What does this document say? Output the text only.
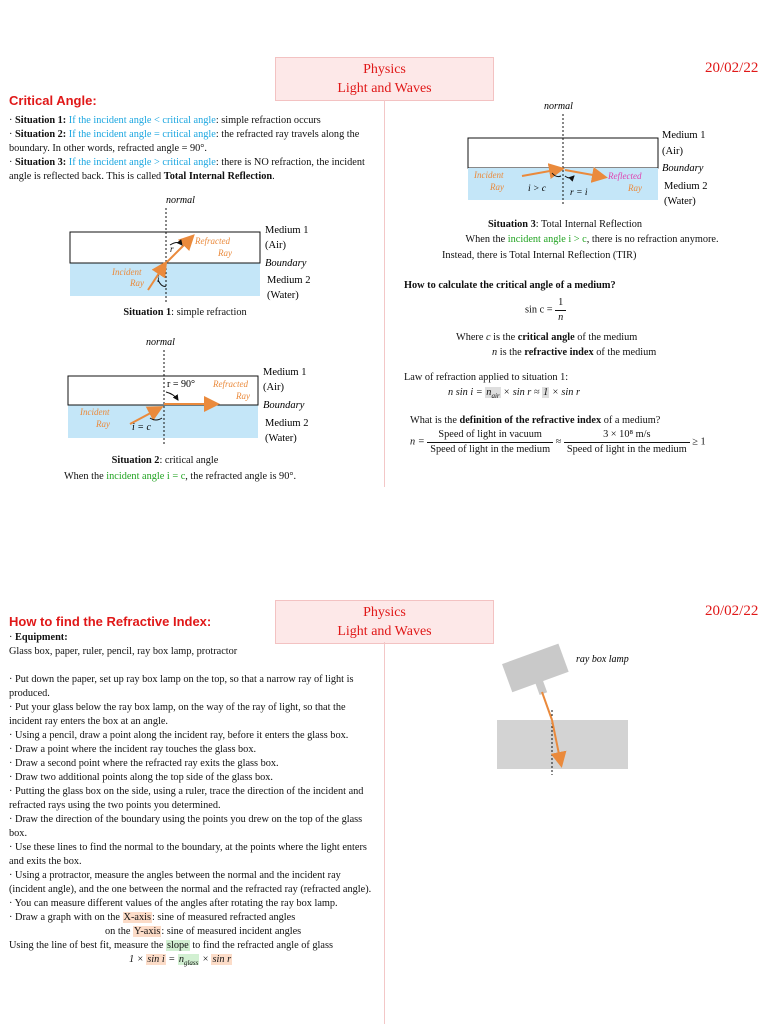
Physics
Light and Waves
20/02/22
Critical Angle:
· Situation 1: If the incident angle < critical angle: simple refraction occurs
· Situation 2: If the incident angle = critical angle: the refracted ray travels along the boundary. In other words, refracted angle = 90°.
· Situation 3: If the incident angle > critical angle: there is NO refraction, the incident angle is reflected back. This is called Total Internal Reflection.
normal
r
i
Refracted
Ray
Incident
Ray
Medium 1
(Air)
Boundary
Medium 2
(Water)
Situation 1: simple refraction
normal
r = 90°
i = c
Refracted
Ray
Incident
Ray
Medium 1
(Air)
Boundary
Medium 2
(Water)
Situation 2: critical angle
When the incident angle i = c, the refracted angle is 90°.
normal
i > c	r = i
Incident
Ray
Reflected
Ray
Medium 1
(Air)
Boundary
Medium 2
(Water)
Situation 3: Total Internal Reflection
When the incident angle i > c, there is no refraction anymore.
Instead, there is Total Internal Reflection (TIR)
How to calculate the critical angle of a medium?
$\sin c = \frac{1}{n}$
Where c is the critical angle of the medium
n is the refractive index of the medium
Law of refraction applied to situation 1:
n $\sin i = n_{air} \times \sin r \approx 1 \times \sin r$
What is the definition of the refractive index of a medium?
$n = \frac{\text{Speed of light in vacuum}}{\text{Speed of light in the medium}} \approx \frac{\text{3 × 10⁸ m/s}}{\text{Speed of light in the medium}} \ge 1$
Physics
Light and Waves
20/02/22
How to find the Refractive Index:
· Equipment:
Glass box, paper, ruler, pencil, ray box lamp, protractor
· Put down the paper, set up ray box lamp on the top, so that a narrow ray of light is produced.
· Put your glass below the ray box lamp, on the way of the ray of light, so that the incident ray enters the box at an angle.
· Using a pencil, draw a point along the incident ray, before it enters the glass box.
· Draw a point where the incident ray touches the glass box.
· Draw a second point where the refracted ray exits the glass box.
· Draw two additional points along the top side of the glass box.
· Putting the glass box on the side, using a ruler, trace the direction of the incident and refracted rays using the two points you determined.
· Draw the direction of the boundary using the points you drew on the top of the glass box.
· Use these lines to find the normal to the boundary, at the points where the light enters and exits the box.
· Using a protractor, measure the angles between the normal and the incident ray (incident angle), and the one between the normal and the refracted ray (refracted angle).
· You can measure different values of the angles after rotating the ray box lamp.
· Draw a graph with on the X-axis: sine of measured refracted angles
on the Y-axis: sine of measured incident angles
Using the line of best fit, measure the slope to find the refracted angle of glass
$1 \times \sin i = n_{glass} \times \sin r$
ray box lamp
